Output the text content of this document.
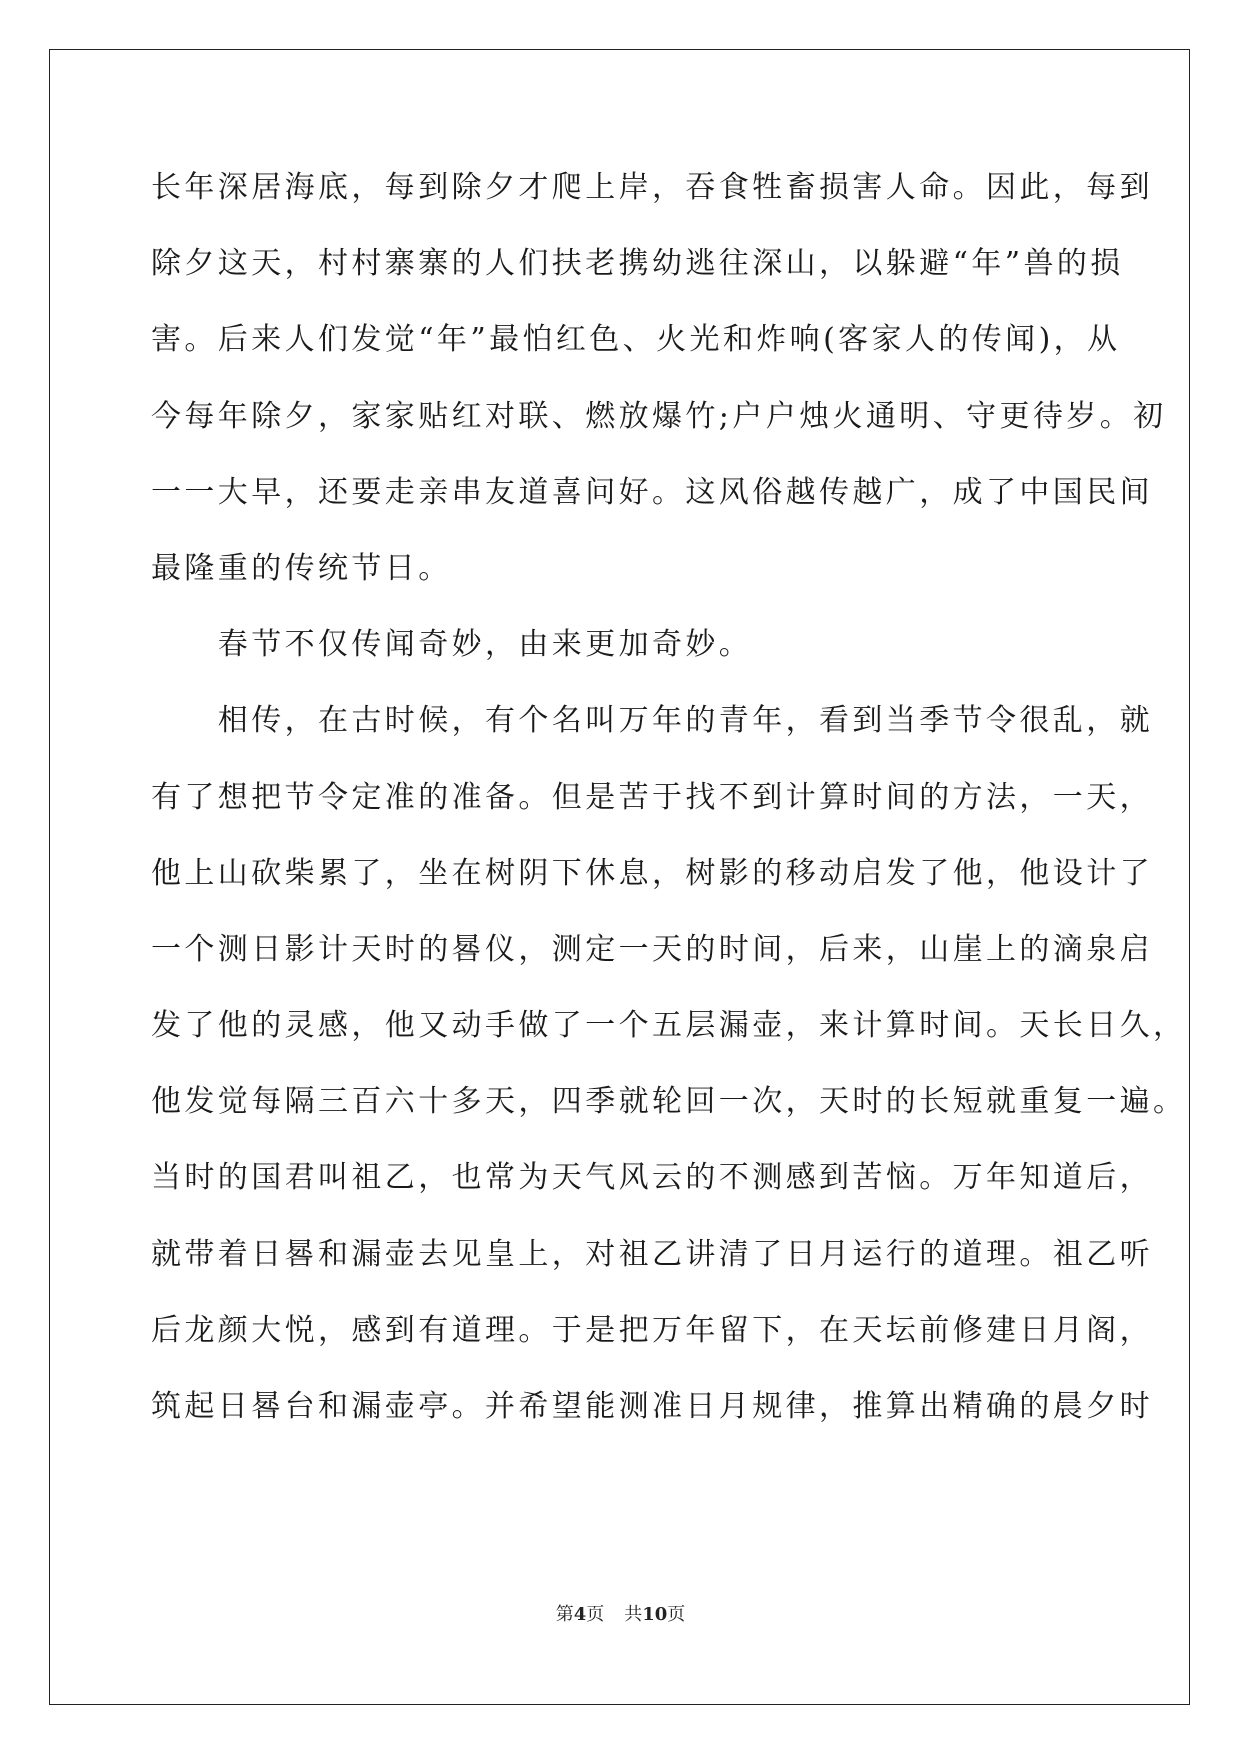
长年深居海底，每到除夕才爬上岸，吞食牲畜损害人命。因此，每到
除夕这天，村村寨寨的人们扶老携幼逃往深山，以躲避“年”兽的损
害。后来人们发觉“年”最怕红色、火光和炸响(客家人的传闻)，从
今每年除夕，家家贴红对联、燃放爆竹;户户烛火通明、守更待岁。初
一一大早，还要走亲串友道喜问好。这风俗越传越广，成了中国民间
最隆重的传统节日。
　　春节不仅传闻奇妙，由来更加奇妙。
　　相传，在古时候，有个名叫万年的青年，看到当季节令很乱，就
有了想把节令定准的准备。但是苦于找不到计算时间的方法，一天，
他上山砍柴累了，坐在树阴下休息，树影的移动启发了他，他设计了
一个测日影计天时的晷仪，测定一天的时间，后来，山崖上的滴泉启
发了他的灵感，他又动手做了一个五层漏壶，来计算时间。天长日久，
他发觉每隔三百六十多天，四季就轮回一次，天时的长短就重复一遍。
当时的国君叫祖乙，也常为天气风云的不测感到苦恼。万年知道后，
就带着日晷和漏壶去见皇上，对祖乙讲清了日月运行的道理。祖乙听
后龙颜大悦，感到有道理。于是把万年留下，在天坛前修建日月阁，
筑起日晷台和漏壶亭。并希望能测准日月规律，推算出精确的晨夕时
第4页 共10页
